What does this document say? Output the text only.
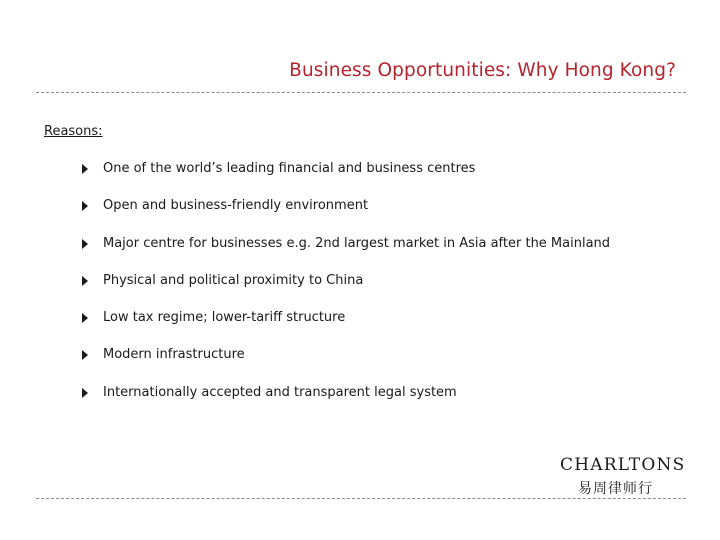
Business Opportunities: Why Hong Kong?
Reasons:
One of the world’s leading financial and business centres
Open and business-friendly environment
Major centre for businesses e.g. 2nd largest market in Asia after the Mainland
Physical and political proximity to China
Low tax regime; lower-tariff structure
Modern infrastructure
Internationally accepted and transparent legal system
CHARLTONS
易周律师行
